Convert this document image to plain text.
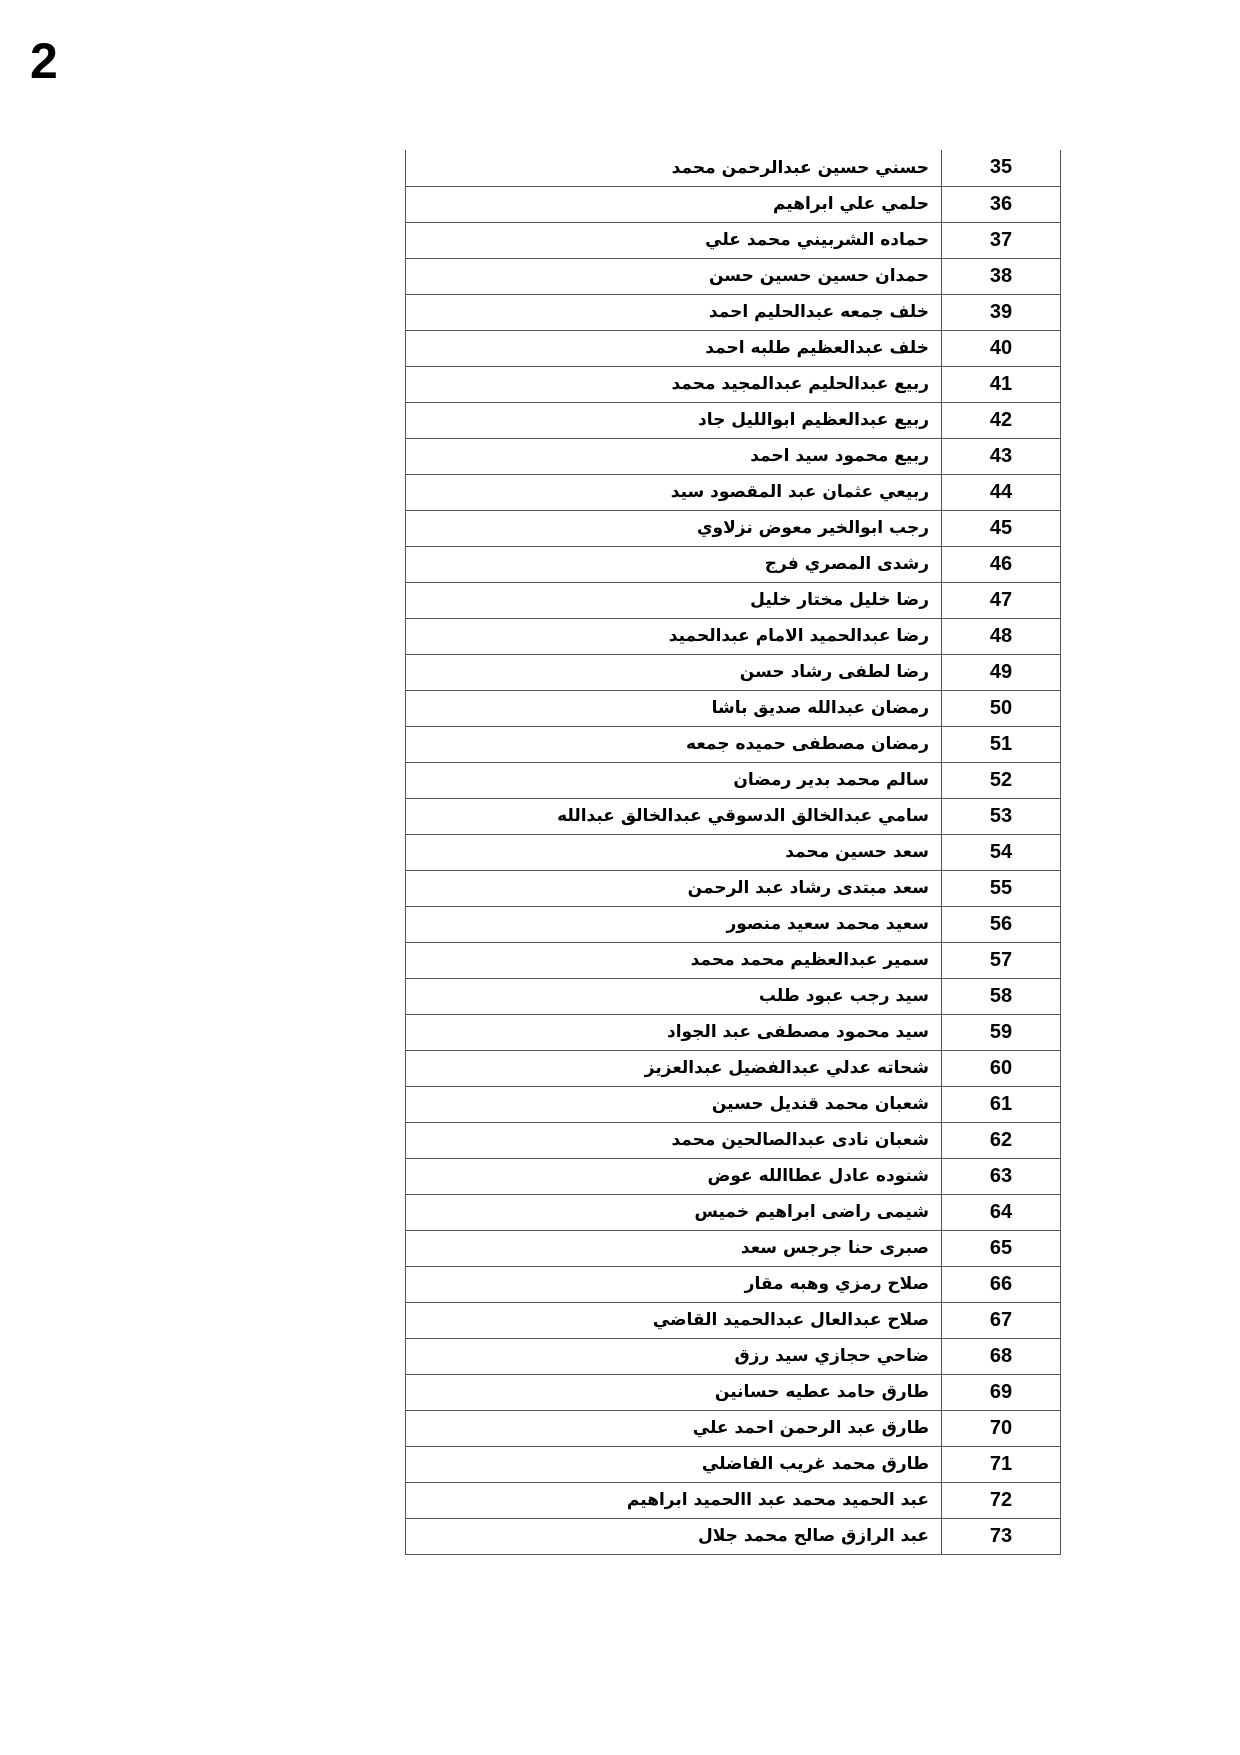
2
حسني حسين عبدالرحمن محمد	35
حلمي علي ابراهيم	36
حماده الشربيني محمد علي	37
حمدان حسين حسين حسن	38
خلف جمعه عبدالحليم احمد	39
خلف عبدالعظيم طلبه احمد	40
ربيع عبدالحليم عبدالمجيد محمد	41
ربيع عبدالعظيم ابوالليل جاد	42
ربيع محمود سيد احمد	43
ربيعي عثمان عبد المقصود سيد	44
رجب ابوالخير معوض نزلاوي	45
رشدى المصري فرج	46
رضا خليل مختار خليل	47
رضا عبدالحميد الامام عبدالحميد	48
رضا لطفى رشاد حسن	49
رمضان عبدالله صديق باشا	50
رمضان مصطفى حميده جمعه	51
سالم محمد بدير رمضان	52
سامي عبدالخالق الدسوقي عبدالخالق عبدالله	53
سعد حسين محمد	54
سعد مبتدى رشاد عبد الرحمن	55
سعيد محمد سعيد منصور	56
سمير عبدالعظيم محمد محمد	57
سيد رجب عبود طلب	58
سيد محمود مصطفى عبد الجواد	59
شحاته عدلي عبدالفضيل عبدالعزيز	60
شعبان محمد قنديل حسين	61
شعبان نادى عبدالصالحين محمد	62
شنوده عادل عطاالله عوض	63
شيمى راضى ابراهيم خميس	64
صبرى حنا جرجس سعد	65
صلاح رمزي وهبه مقار	66
صلاح عبدالعال عبدالحميد القاضي	67
ضاحي حجازي سيد رزق	68
طارق حامد عطيه حسانين	69
طارق عبد الرحمن احمد علي	70
طارق محمد غريب الفاضلي	71
عبد الحميد محمد عبد االحميد ابراهيم	72
عبد الرازق صالح محمد جلال	73
